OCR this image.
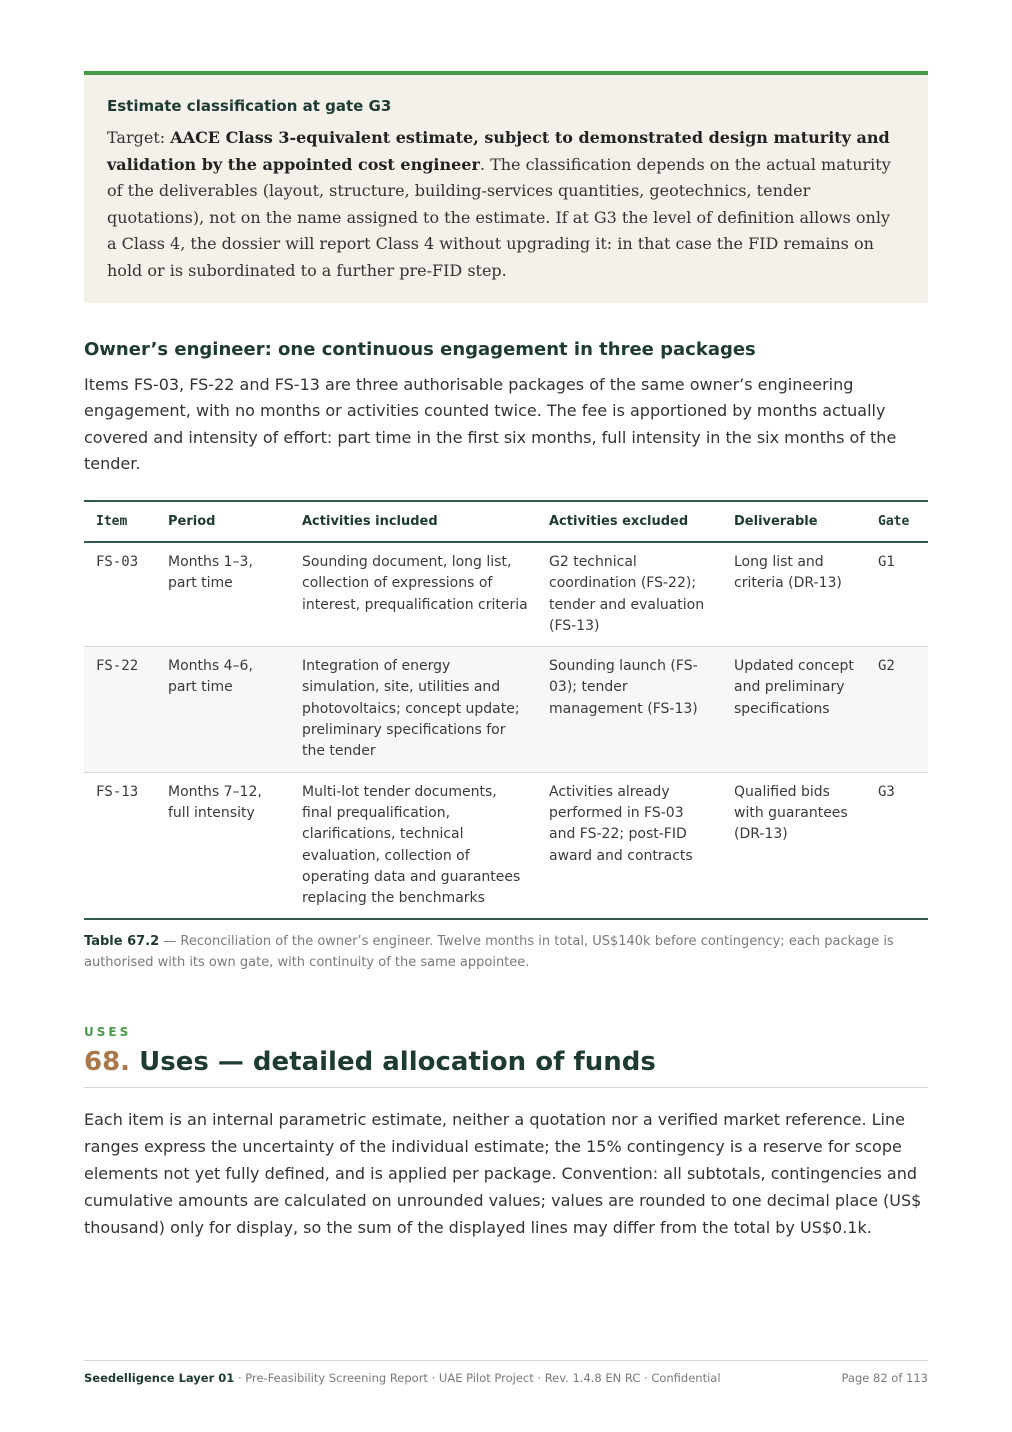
Estimate classification at gate G3

Target: AACE Class 3-equivalent estimate, subject to demonstrated design maturity and validation by the appointed cost engineer. The classification depends on the actual maturity of the deliverables (layout, structure, building-services quantities, geotechnics, tender quotations), not on the name assigned to the estimate. If at G3 the level of definition allows only a Class 4, the dossier will report Class 4 without upgrading it: in that case the FID remains on hold or is subordinated to a further pre-FID step.

Owner’s engineer: one continuous engagement in three packages

Items FS-03, FS-22 and FS-13 are three authorisable packages of the same owner’s engineering engagement, with no months or activities counted twice. The fee is apportioned by months actually covered and intensity of effort: part time in the first six months, full intensity in the six months of the tender.

Item	Period	Activities included	Activities excluded	Deliverable	Gate
FS-03	Months 1–3, part time	Sounding document, long list, collection of expressions of interest, prequalification criteria	G2 technical coordination (FS-22); tender and evaluation (FS-13)	Long list and criteria (DR-13)	G1
FS-22	Months 4–6, part time	Integration of energy simulation, site, utilities and photovoltaics; concept update; preliminary specifications for the tender	Sounding launch (FS-03); tender management (FS-13)	Updated concept and preliminary specifications	G2
FS-13	Months 7–12, full intensity	Multi-lot tender documents, final prequalification, clarifications, technical evaluation, collection of operating data and guarantees replacing the benchmarks	Activities already performed in FS-03 and FS-22; post-FID award and contracts	Qualified bids with guarantees (DR-13)	G3

Table 67.2 — Reconciliation of the owner’s engineer. Twelve months in total, US$140k before contingency; each package is authorised with its own gate, with continuity of the same appointee.

USES

68. Uses — detailed allocation of funds

Each item is an internal parametric estimate, neither a quotation nor a verified market reference. Line ranges express the uncertainty of the individual estimate; the 15% contingency is a reserve for scope elements not yet fully defined, and is applied per package. Convention: all subtotals, contingencies and cumulative amounts are calculated on unrounded values; values are rounded to one decimal place (US$ thousand) only for display, so the sum of the displayed lines may differ from the total by US$0.1k.

Seedelligence Layer 01 · Pre-Feasibility Screening Report · UAE Pilot Project · Rev. 1.4.8 EN RC · Confidential	Page 82 of 113
